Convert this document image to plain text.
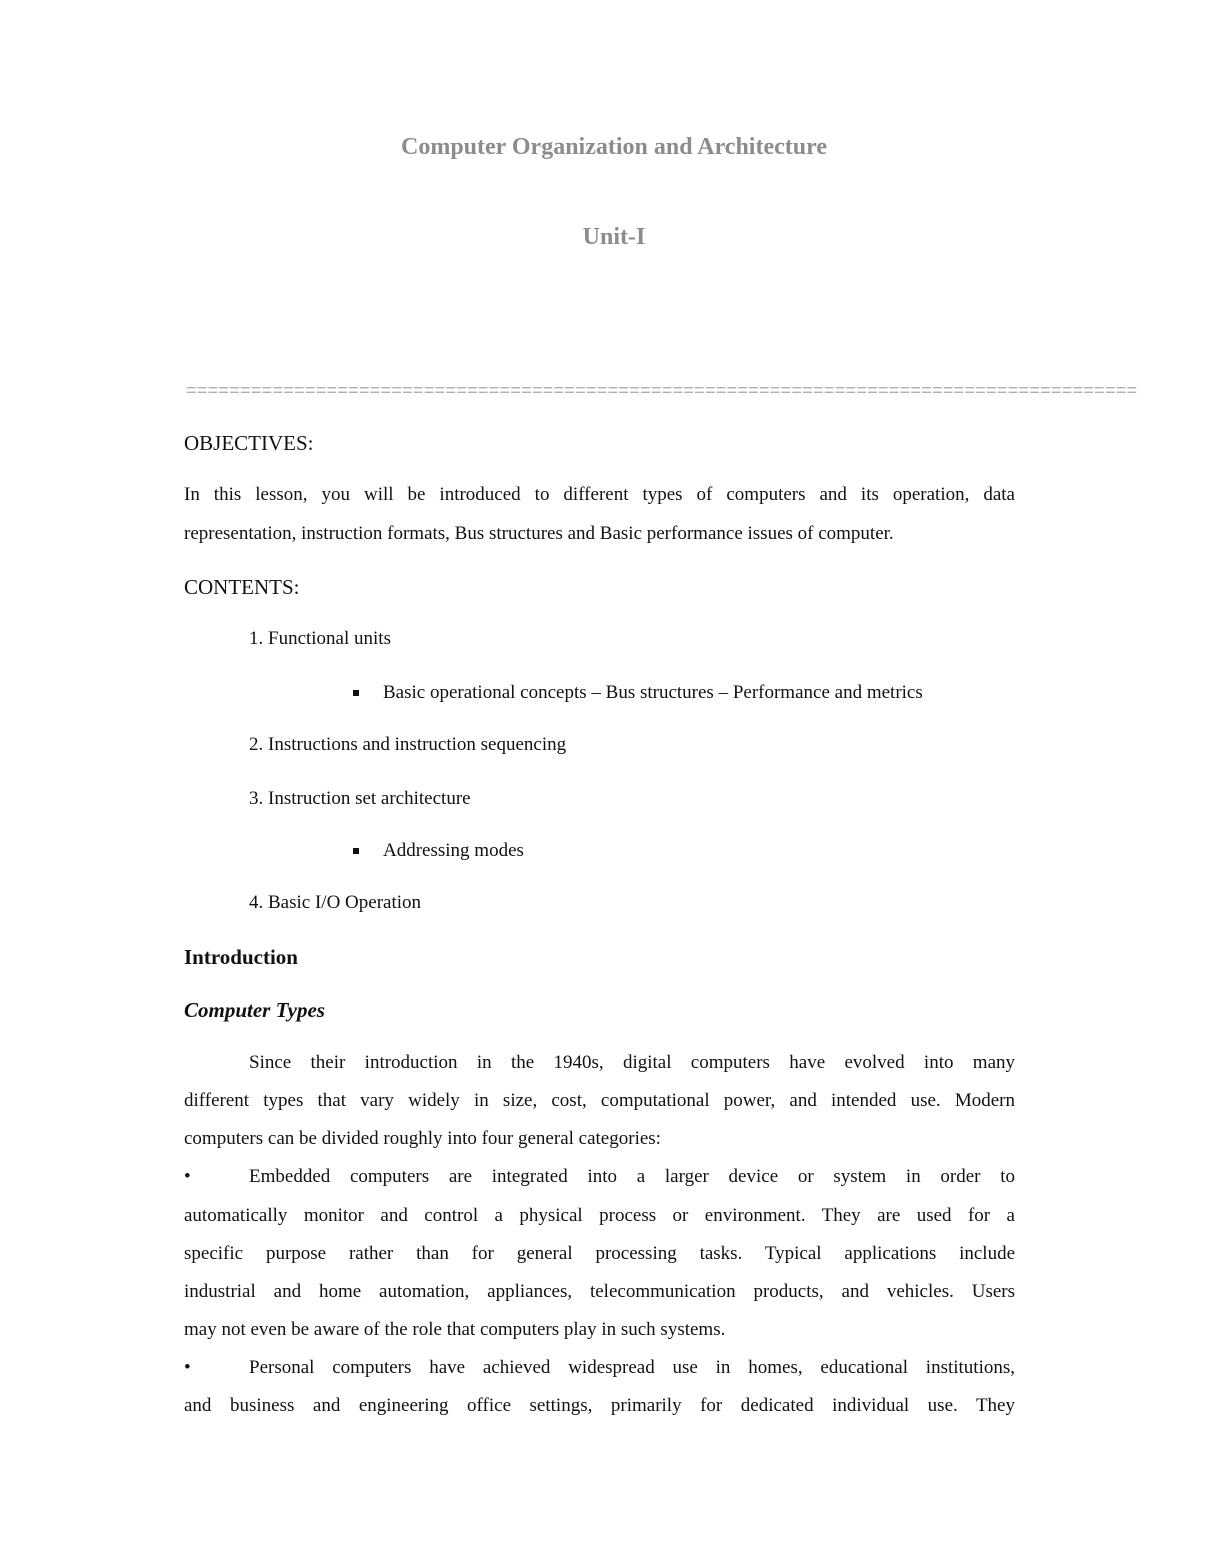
Computer Organization and Architecture
Unit-I
========================================================================================
OBJECTIVES:
In this lesson, you will be introduced to different types of computers and its operation, data
representation, instruction formats, Bus structures and Basic performance issues of computer.
CONTENTS:
1. Functional units
Basic operational concepts – Bus structures – Performance and metrics
2. Instructions and instruction sequencing
3. Instruction set architecture
Addressing modes
4. Basic I/O Operation
Introduction
Computer Types
Since their introduction in the 1940s, digital computers have evolved into many
different types that vary widely in size, cost, computational power, and intended use. Modern
computers can be divided roughly into four general categories:
•	Embedded computers are integrated into a larger device or system in order to
automatically monitor and control a physical process or environment. They are used for a
specific purpose rather than for general processing tasks. Typical applications include
industrial and home automation, appliances, telecommunication products, and vehicles. Users
may not even be aware of the role that computers play in such systems.
•	Personal computers have achieved widespread use in homes, educational institutions,
and business and engineering office settings, primarily for dedicated individual use. They
